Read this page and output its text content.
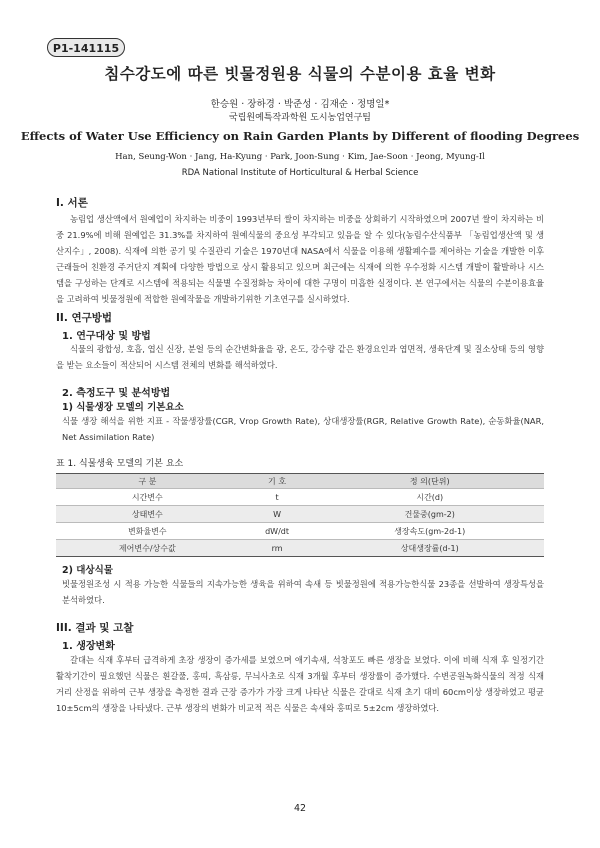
P1-141115
침수강도에 따른 빗물정원용 식물의 수분이용 효율 변화
한승원 · 장하경 · 박준성 · 김재순 · 정명일*
국립원예특작과학원 도시농업연구팀
Effects of Water Use Efficiency on Rain Garden Plants by Different of flooding Degrees
Han, Seung-Won · Jang, Ha-Kyung · Park, Joon-Sung · Kim, Jae-Soon · Jeong, Myung-Il
RDA National Institute of Horticultural & Herbal Science
I. 서론
농림업 생산액에서 원예업이 차지하는 비중이 1993년부터 쌀이 차지하는 비중을 상회하기 시작하였으며 2007년 쌀이 차지하는 비중 21.9%에 비해 원예업은 31.3%를 차지하여 원예식물의 중요성 부각되고 있음을 알 수 있다(농림수산식품부 「농림업생산액 및 생산지수」, 2008). 식재에 의한 공기 및 수질관리 기술은 1970년대 NASA에서 식물을 이용해 생활폐수를 제어하는 기술을 개발한 이후 근래들어 친환경 주거단지 계획에 다양한 방법으로 상시 활용되고 있으며 최근에는 식재에 의한 우수정화 시스템 개발이 활발하나 시스템을 구성하는 단계로 시스템에 적용되는 식물별 수질정화능 차이에 대한 구명이 미흡한 실정이다. 본 연구에서는 식물의 수분이용효율을 고려하여 빗물정원에 적합한 원예작물을 개발하기위한 기초연구를 실시하였다.
II. 연구방법
1. 연구대상 및 방법
식물의 광합성, 호흡, 엽신 신장, 분얼 등의 순간변화율을 광, 온도, 강수량 같은 환경요인과 엽면적, 생육단계 및 질소상태 등의 영향을 받는 요소들이 적산되어 시스템 전체의 변화를 해석하였다.
2. 측정도구 및 분석방법
1) 식물생장 모델의 기본요소
식물 생장 해석을 위한 지표 - 작물생장률(CGR, Vrop Growth Rate), 상대생장률(RGR, Relative Growth Rate), 순동화율(NAR, Net Assimilation Rate)
표 1. 식물생육 모델의 기본 요소
구 분	기 호	정 의(단위)
시간변수	t	시간(d)
상태변수	W	건물중(gm-2)
변화율변수	dW/dt	생장속도(gm-2d-1)
제어변수/상수값	rm	상대생장률(d-1)
2) 대상식물
빗물정원조성 시 적용 가능한 식물들의 지속가능한 생육을 위하여 속새 등 빗물정원에 적용가능한식물 23종을 선발하여 생장특성을 분석하였다.
III. 결과 및 고찰
1. 생장변화
갈대는 식재 후부터 급격하게 초장 생장이 증가세를 보였으며 애기속새, 석창포도 빠른 생장을 보였다. 이에 비해 식재 후 일정기간 활착기간이 필요했던 식물은 흰갈풀, 홍띠, 흑삼릉, 무늬사초로 식재 3개월 후부터 생장률이 증가했다. 수변공원녹화식물의 적정 식재 거리 산정을 위하여 근부 생장을 측정한 결과 근장 증가가 가장 크게 나타난 식물은 갈대로 식재 초기 대비 60cm이상 생장하였고 평균 10±5cm의 생장을 나타냈다. 근부 생장의 변화가 비교적 적은 식물은 속새와 홍띠로 5±2cm 생장하였다.
42
